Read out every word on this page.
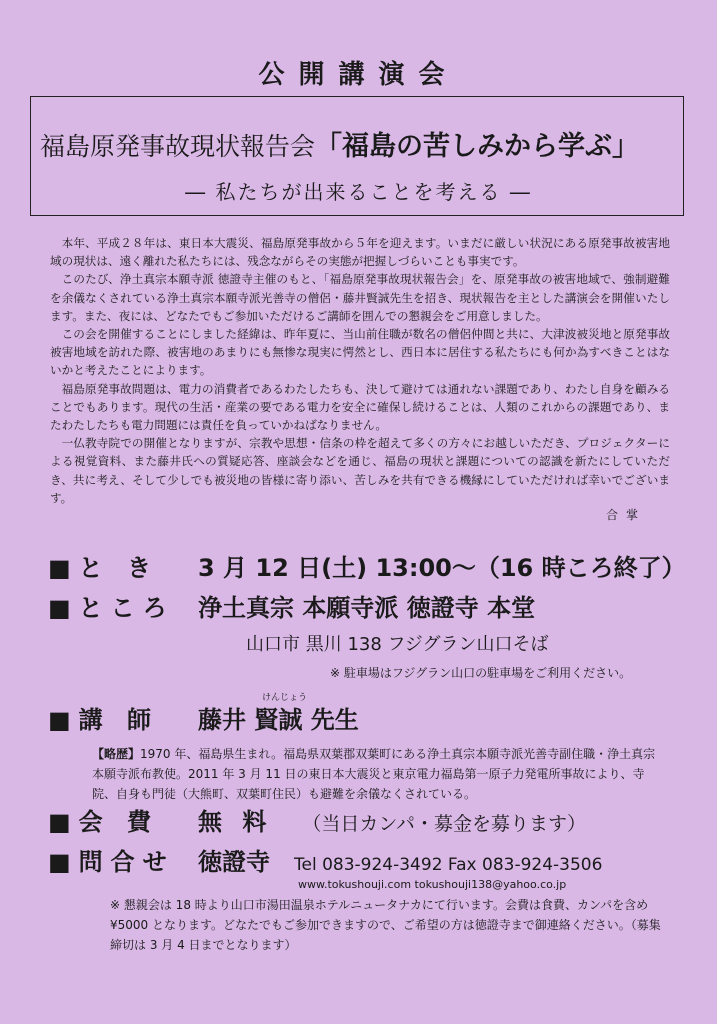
公開講演会
福島原発事故現状報告会「福島の苦しみから学ぶ」
― 私たちが出来ることを考える ―

本年、平成２８年は、東日本大震災、福島原発事故から５年を迎えます。いまだに厳しい状況にある原発事故被害地域の現状は、遠く離れた私たちには、残念ながらその実態が把握しづらいことも事実です。

このたび、浄土真宗本願寺派 徳證寺主催のもと、「福島原発事故現状報告会」を、原発事故の被害地域で、強制避難を余儀なくされている浄土真宗本願寺派光善寺の僧侶・藤井賢誠先生を招き、現状報告を主とした講演会を開催いたします。また、夜には、どなたでもご参加いただけるご講師を囲んでの懇親会をご用意しました。

この会を開催することにしました経緯は、昨年夏に、当山前住職が数名の僧侶仲間と共に、大津波被災地と原発事故被害地域を訪れた際、被害地のあまりにも無惨な現実に愕然とし、西日本に居住する私たちにも何か為すべきことはないかと考えたことによります。

福島原発事故問題は、電力の消費者であるわたしたちも、決して避けては通れない課題であり、わたし自身を顧みることでもあります。現代の生活・産業の要である電力を安全に確保し続けることは、人類のこれからの課題であり、またわたしたちも電力問題には責任を負っていかねばなりません。

一仏教寺院での開催となりますが、宗教や思想・信条の枠を超えて多くの方々にお越しいただき、プロジェクターによる視覚資料、また藤井氏への質疑応答、座談会などを通じ、福島の現状と課題についての認識を新たにしていただき、共に考え、そして少しでも被災地の皆様に寄り添い、苦しみを共有できる機縁にしていただければ幸いでございます。

合掌
■と き 3 月 12 日(土) 13:00～（16 時ころ終了）
■ところ 浄土真宗 本願寺派 徳證寺 本堂
山口市 黒川 138 フジグラン山口そば
※ 駐車場はフジグラン山口の駐車場をご利用ください。
けんじょう
■講 師 藤井 賢誠 先生
【略歴】1970 年、福島県生まれ。福島県双葉郡双葉町にある浄土真宗本願寺派光善寺副住職・浄土真宗本願寺派布教使。2011 年 3 月 11 日の東日本大震災と東京電力福島第一原子力発電所事故により、寺院、自身も門徒（大熊町、双葉町住民）も避難を余儀なくされている。
■会 費 無 料 （当日カンパ・募金を募ります）
■問合せ 徳證寺 Tel 083-924-3492 Fax 083-924-3506
www.tokushouji.com tokushouji138@yahoo.co.jp
※ 懇親会は 18 時より山口市湯田温泉ホテルニュータナカにて行います。会費は食費、カンパを含め¥5000 となります。どなたでもご参加できますので、ご希望の方は徳證寺まで御連絡ください。（募集締切は 3 月 4 日までとなります）
